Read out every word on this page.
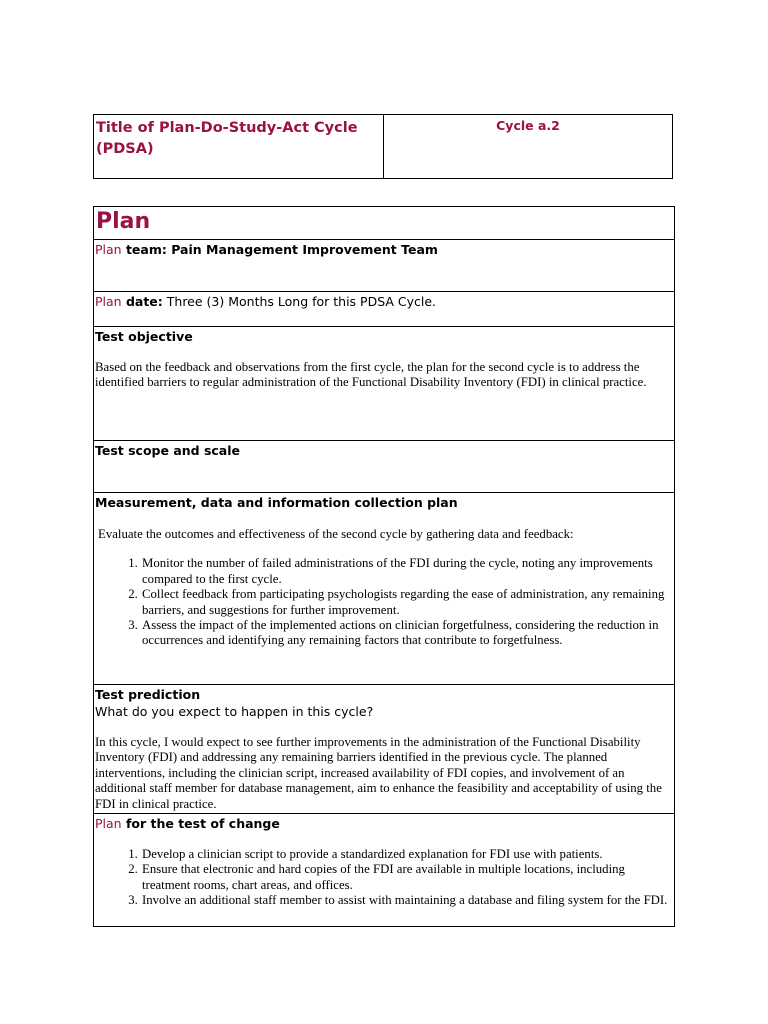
Title of Plan-Do-Study-Act Cycle (PDSA)
Cycle a.2
Plan
Plan team: Pain Management Improvement Team
Plan date: Three (3) Months Long for this PDSA Cycle.
Test objective

Based on the feedback and observations from the first cycle, the plan for the second cycle is to address the identified barriers to regular administration of the Functional Disability Inventory (FDI) in clinical practice.

Test scope and scale
Measurement, data and information collection plan

Evaluate the outcomes and effectiveness of the second cycle by gathering data and feedback:

1. Monitor the number of failed administrations of the FDI during the cycle, noting any improvements compared to the first cycle.
2. Collect feedback from participating psychologists regarding the ease of administration, any remaining barriers, and suggestions for further improvement.
3. Assess the impact of the implemented actions on clinician forgetfulness, considering the reduction in occurrences and identifying any remaining factors that contribute to forgetfulness.
Test prediction
What do you expect to happen in this cycle?

In this cycle, I would expect to see further improvements in the administration of the Functional Disability Inventory (FDI) and addressing any remaining barriers identified in the previous cycle. The planned interventions, including the clinician script, increased availability of FDI copies, and involvement of an additional staff member for database management, aim to enhance the feasibility and acceptability of using the FDI in clinical practice.

Plan for the test of change
1. Develop a clinician script to provide a standardized explanation for FDI use with patients.
2. Ensure that electronic and hard copies of the FDI are available in multiple locations, including treatment rooms, chart areas, and offices.
3. Involve an additional staff member to assist with maintaining a database and filing system for the FDI.
